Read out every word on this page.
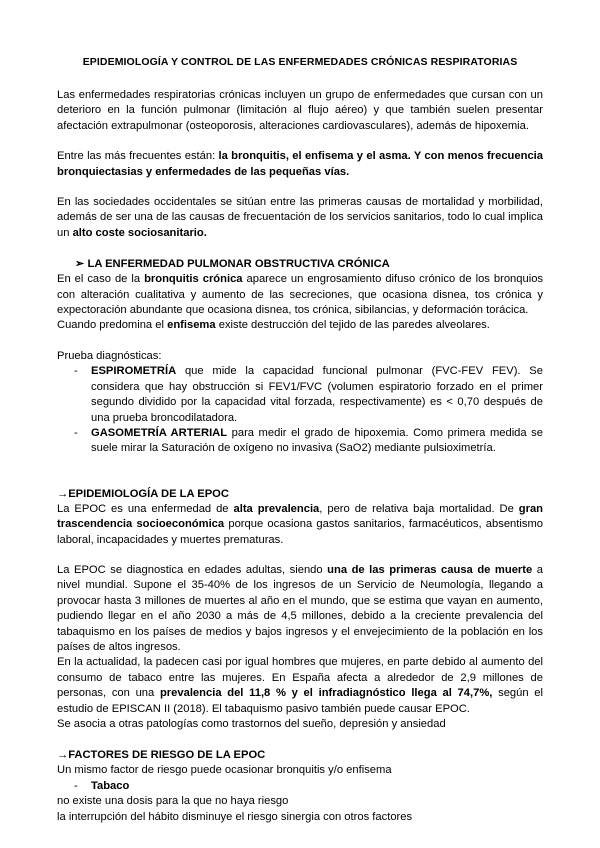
EPIDEMIOLOGÍA Y CONTROL DE LAS ENFERMEDADES CRÓNICAS RESPIRATORIAS

Las enfermedades respiratorias crónicas incluyen un grupo de enfermedades que cursan con un deterioro en la función pulmonar (limitación al flujo aéreo) y que también suelen presentar afectación extrapulmonar (osteoporosis, alteraciones cardiovasculares), además de hipoxemia.

Entre las más frecuentes están: la bronquitis, el enfisema y el asma. Y con menos frecuencia bronquiectasias y enfermedades de las pequeñas vías.

En las sociedades occidentales se sitúan entre las primeras causas de mortalidad y morbilidad, además de ser una de las causas de frecuentación de los servicios sanitarios, todo lo cual implica un alto coste sociosanitario.

➢ LA ENFERMEDAD PULMONAR OBSTRUCTIVA CRÓNICA

En el caso de la bronquitis crónica aparece un engrosamiento difuso crónico de los bronquios con alteración cualitativa y aumento de las secreciones, que ocasiona disnea, tos crónica y expectoración abundante que ocasiona disnea, tos crónica, sibilancias, y deformación torácica.

Cuando predomina el enfisema existe destrucción del tejido de las paredes alveolares.

Prueba diagnósticas:

- ESPIROMETRÍA que mide la capacidad funcional pulmonar (FVC-FEV FEV). Se considera que hay obstrucción si FEV1/FVC (volumen espiratorio forzado en el primer segundo dividido por la capacidad vital forzada, respectivamente) es < 0,70 después de una prueba broncodilatadora.
- GASOMETRÍA ARTERIAL para medir el grado de hipoxemia. Como primera medida se suele mirar la Saturación de oxígeno no invasiva (SaO2) mediante pulsioximetría.
→EPIDEMIOLOGÍA DE LA EPOC

La EPOC es una enfermedad de alta prevalencia, pero de relativa baja mortalidad. De gran trascendencia socioeconómica porque ocasiona gastos sanitarios, farmacéuticos, absentismo laboral, incapacidades y muertes prematuras.

La EPOC se diagnostica en edades adultas, siendo una de las primeras causa de muerte a nivel mundial. Supone el 35-40% de los ingresos de un Servicio de Neumología, llegando a provocar hasta 3 millones de muertes al año en el mundo, que se estima que vayan en aumento, pudiendo llegar en el año 2030 a más de 4,5 millones, debido a la creciente prevalencia del tabaquismo en los países de medios y bajos ingresos y el envejecimiento de la población en los países de altos ingresos.

En la actualidad, la padecen casi por igual hombres que mujeres, en parte debido al aumento del consumo de tabaco entre las mujeres. En España afecta a alrededor de 2,9 millones de personas, con una prevalencia del 11,8 % y el infradiagnóstico llega al 74,7%, según el estudio de EPISCAN II (2018). El tabaquismo pasivo también puede causar EPOC.

Se asocia a otras patologías como trastornos del sueño, depresión y ansiedad

→FACTORES DE RIESGO DE LA EPOC

Un mismo factor de riesgo puede ocasionar bronquitis y/o enfisema

- Tabaco

no existe una dosis para la que no haya riesgo

la interrupción del hábito disminuye el riesgo sinergia con otros factores
